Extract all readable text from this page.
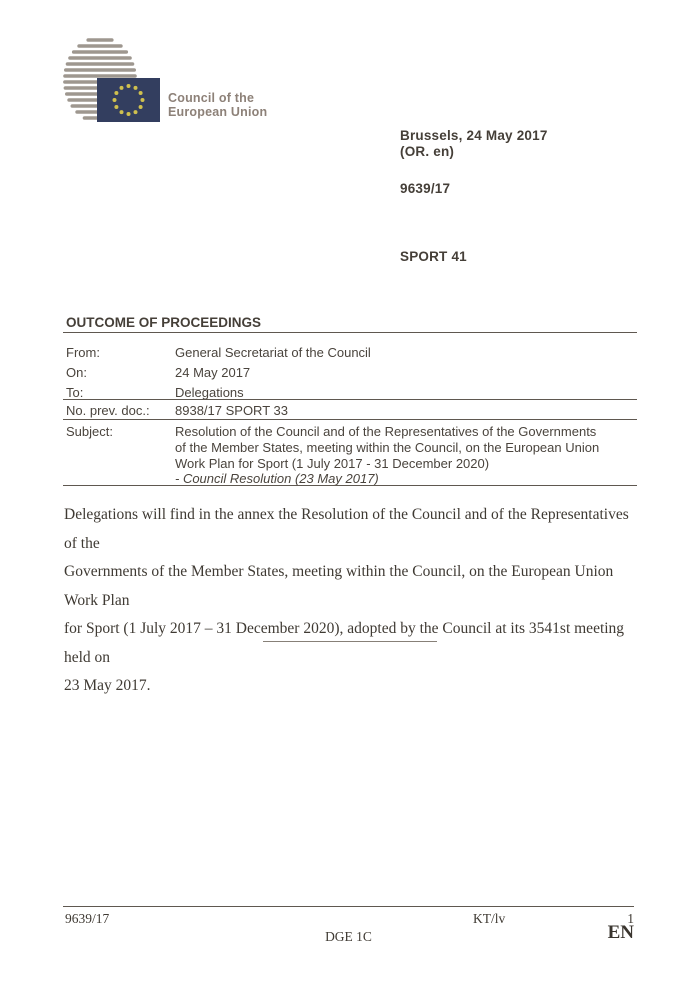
Council of the
European Union
Brussels, 24 May 2017
(OR. en)
9639/17
SPORT 41
OUTCOME OF PROCEEDINGS
From:	General Secretariat of the Council
On:	24 May 2017
To:	Delegations
No. prev. doc.: 8938/17 SPORT 33
Subject:	Resolution of the Council and of the Representatives of the Governments
of the Member States, meeting within the Council, on the European Union
Work Plan for Sport (1 July 2017 - 31 December 2020)
- Council Resolution (23 May 2017)
Delegations will find in the annex the Resolution of the Council and of the Representatives of the
Governments of the Member States, meeting within the Council, on the European Union Work Plan
for Sport (1 July 2017 – 31 December 2020), adopted by the Council at its 3541st meeting held on
23 May 2017.
9639/17	KT/lv	1
DGE 1C	EN
